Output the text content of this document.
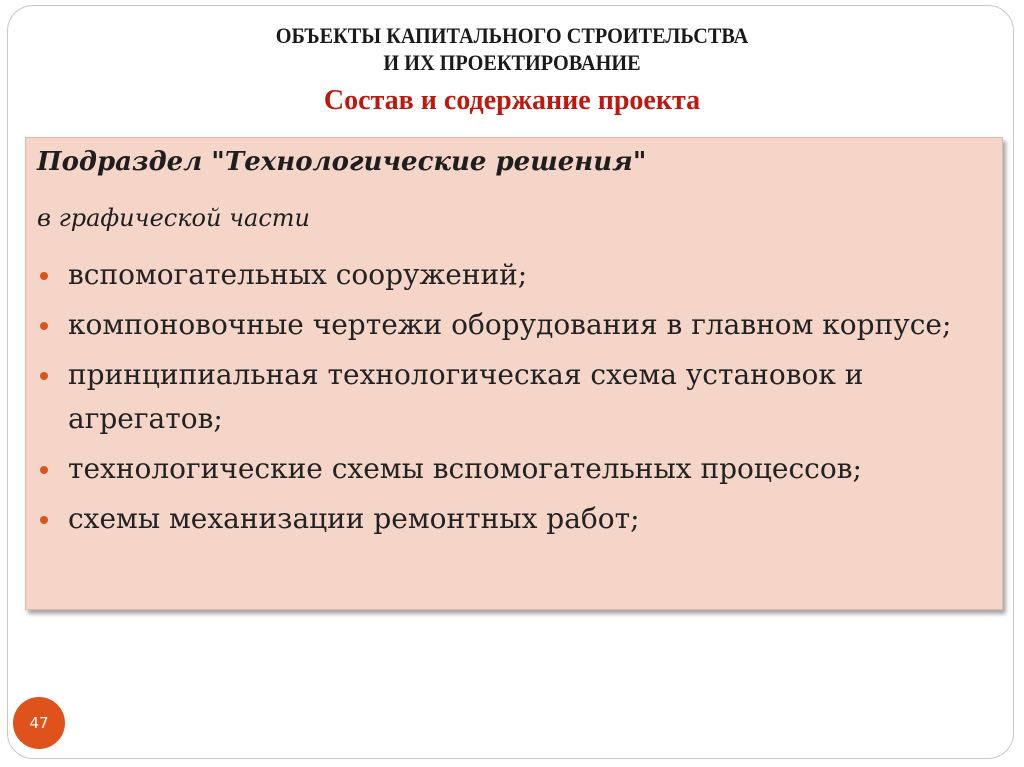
ОБЪЕКТЫ КАПИТАЛЬНОГО СТРОИТЕЛЬСТВА
И ИХ ПРОЕКТИРОВАНИЕ
Состав и содержание проекта
Подраздел "Технологические решения"
в графической части
вспомогательных сооружений;
компоновочные чертежи оборудования в главном корпусе;
принципиальная технологическая схема установок и агрегатов;
технологические схемы вспомогательных процессов;
схемы механизации ремонтных работ;
47
